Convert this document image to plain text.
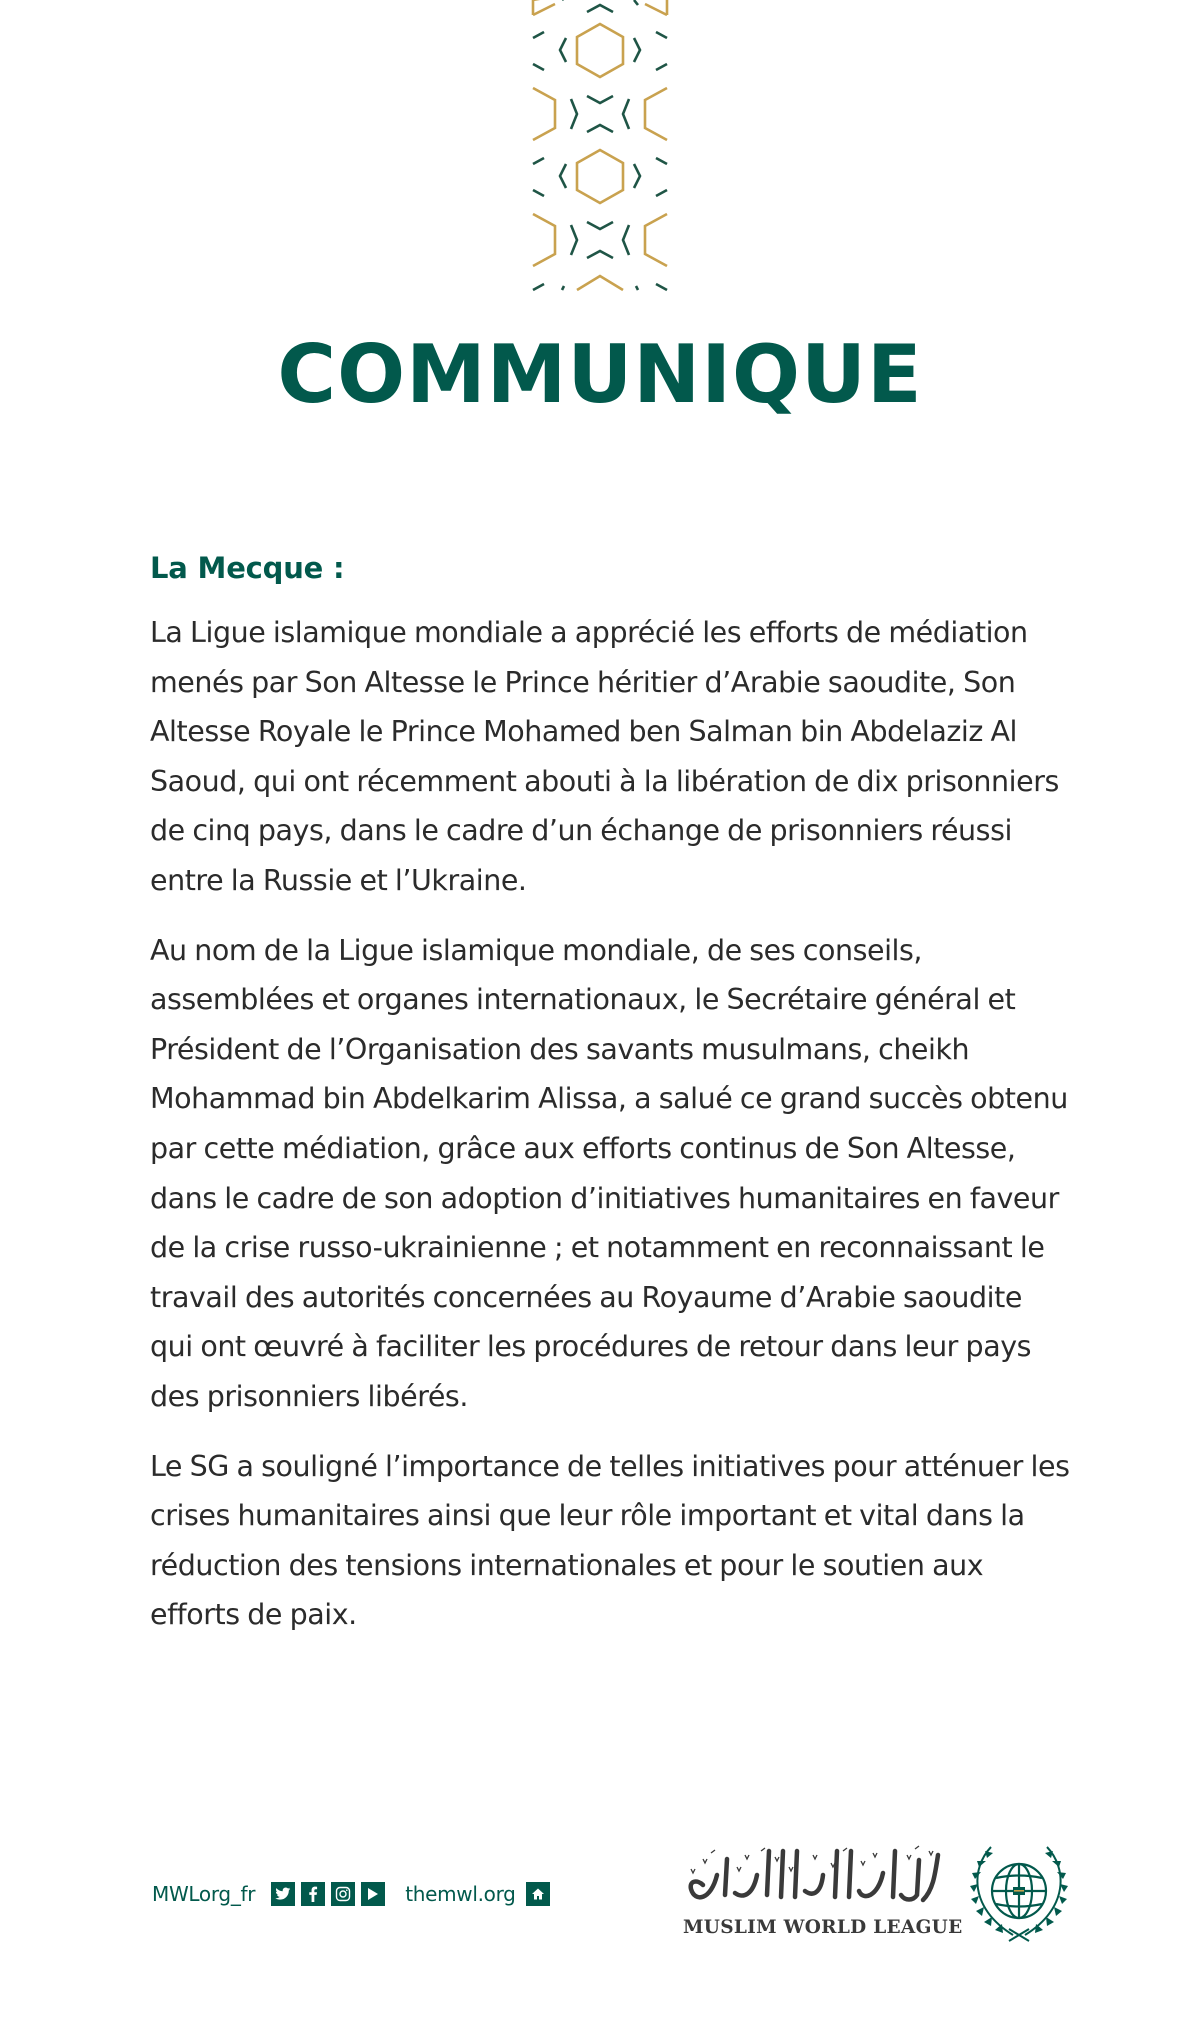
COMMUNIQUE

La Mecque :

La Ligue islamique mondiale a apprécié les efforts de médiation menés par Son Altesse le Prince héritier d’Arabie saoudite, Son Altesse Royale le Prince Mohamed ben Salman bin Abdelaziz Al Saoud, qui ont récemment abouti à la libération de dix prisonniers de cinq pays, dans le cadre d’un échange de prisonniers réussi entre la Russie et l’Ukraine.

Au nom de la Ligue islamique mondiale, de ses conseils, assemblées et organes internationaux, le Secrétaire général et Président de l’Organisation des savants musulmans, cheikh Mohammad bin Abdelkarim Alissa, a salué ce grand succès obtenu par cette médiation, grâce aux efforts continus de Son Altesse, dans le cadre de son adoption d’initiatives humanitaires en faveur de la crise russo-ukrainienne ; et notamment en reconnaissant le travail des autorités concernées au Royaume d’Arabie saoudite qui ont œuvré à faciliter les procédures de retour dans leur pays des prisonniers libérés.

Le SG a souligné l’importance de telles initiatives pour atténuer les crises humanitaires ainsi que leur rôle important et vital dans la réduction des tensions internationales et pour le soutien aux efforts de paix.

MWLorg_fr	themwl.org
MUSLIM WORLD LEAGUE
